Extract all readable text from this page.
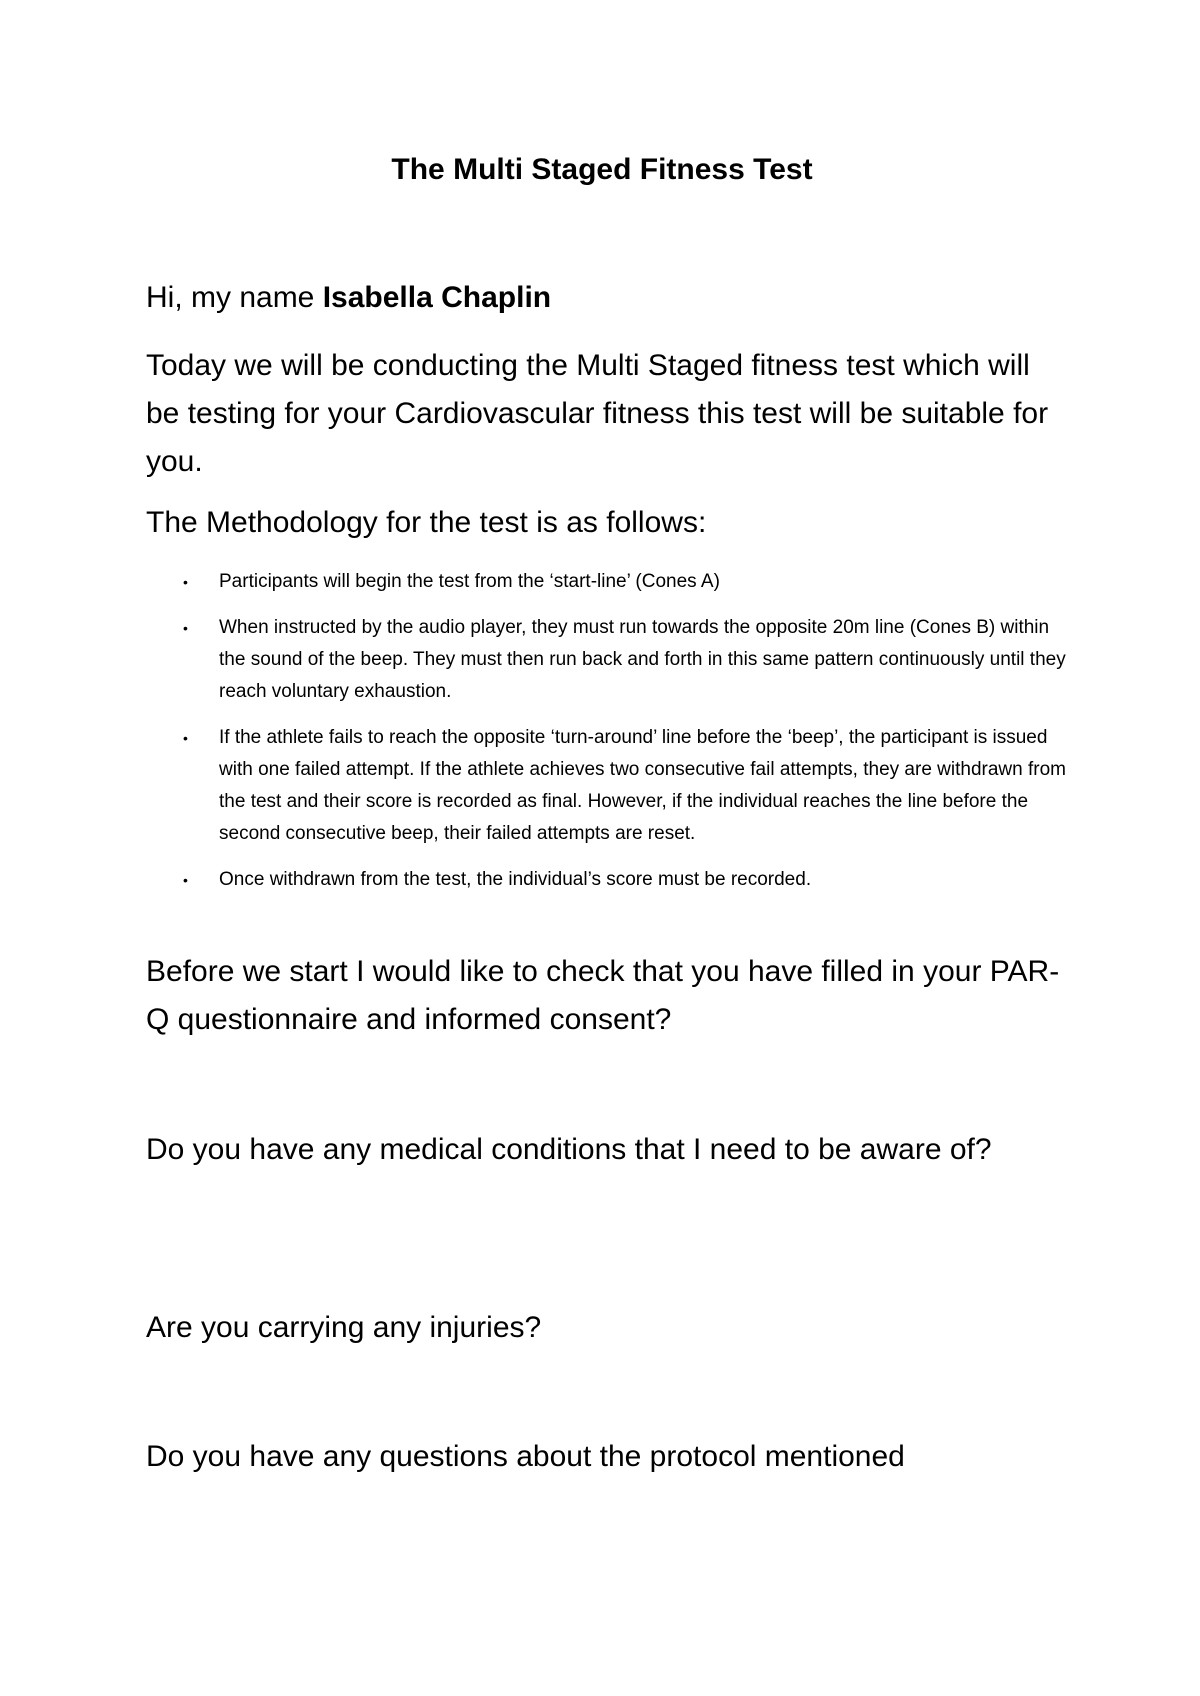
The Multi Staged Fitness Test

Hi, my name Isabella Chaplin

Today we will be conducting the Multi Staged fitness test which will be testing for your Cardiovascular fitness this test will be suitable for you.

The Methodology for the test is as follows:

• Participants will begin the test from the ‘start-line’ (Cones A)
• When instructed by the audio player, they must run towards the opposite 20m line (Cones B) within the sound of the beep. They must then run back and forth in this same pattern continuously until they reach voluntary exhaustion.
• If the athlete fails to reach the opposite ‘turn-around’ line before the ‘beep’, the participant is issued with one failed attempt. If the athlete achieves two consecutive fail attempts, they are withdrawn from the test and their score is recorded as final. However, if the individual reaches the line before the second consecutive beep, their failed attempts are reset.
• Once withdrawn from the test, the individual’s score must be recorded.

Before we start I would like to check that you have filled in your PAR-Q questionnaire and informed consent?

Do you have any medical conditions that I need to be aware of?

Are you carrying any injuries?

Do you have any questions about the protocol mentioned
